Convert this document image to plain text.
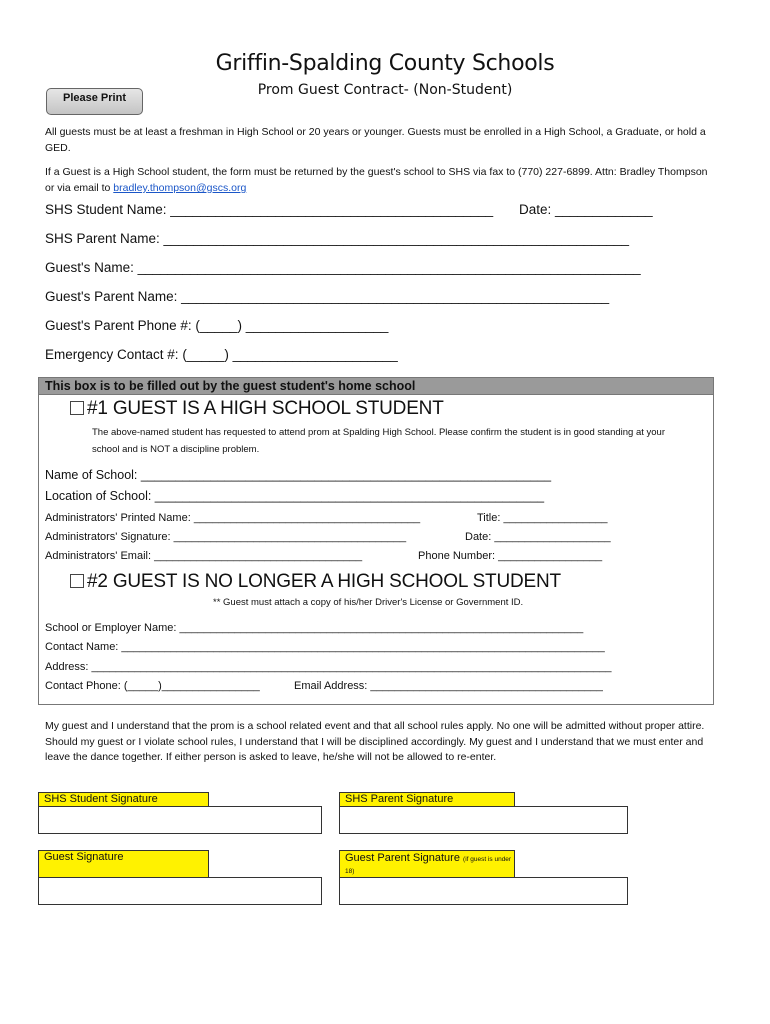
Griffin-Spalding County Schools
Prom Guest Contract- (Non-Student)
Please Print
All guests must be at least a freshman in High School or 20 years or younger. Guests must be enrolled in a High School, a Graduate, or hold a GED.
If a Guest is a High School student, the form must be returned by the guest's school to SHS via fax to (770) 227-6899. Attn: Bradley Thompson or via email to bradley.thompson@gscs.org
SHS Student Name: ___________________________________________ Date: _____________
SHS Parent Name: ______________________________________________________________
Guest's Name: ___________________________________________________________________
Guest's Parent Name: _________________________________________________________
Guest's Parent Phone #: (_____) ___________________
Emergency Contact #: (_____) ______________________
This box is to be filled out by the guest student's home school
#1 GUEST IS A HIGH SCHOOL STUDENT
The above-named student has requested to attend prom at Spalding High School. Please confirm the student is in good standing at your school and is NOT a discipline problem.
Name of School: ___________________________________________________________
Location of School: ________________________________________________________
Administrators' Printed Name: _____________________________________	Title: _________________
Administrators' Signature: ______________________________________	Date: ___________________
Administrators' Email: __________________________________	Phone Number: _________________
#2 GUEST IS NO LONGER A HIGH SCHOOL STUDENT
** Guest must attach a copy of his/her Driver's License or Government ID.
School or Employer Name: __________________________________________________________________
Contact Name: _______________________________________________________________________________
Address: _____________________________________________________________________________________
Contact Phone: (_____)________________	Email Address: ______________________________________
My guest and I understand that the prom is a school related event and that all school rules apply. No one will be admitted without proper attire. Should my guest or I violate school rules, I understand that I will be disciplined accordingly. My guest and I understand that we must enter and leave the dance together. If either person is asked to leave, he/she will not be allowed to re-enter.
SHS Student Signature	SHS Parent Signature
Guest Signature	Guest Parent Signature (if guest is under 18)
